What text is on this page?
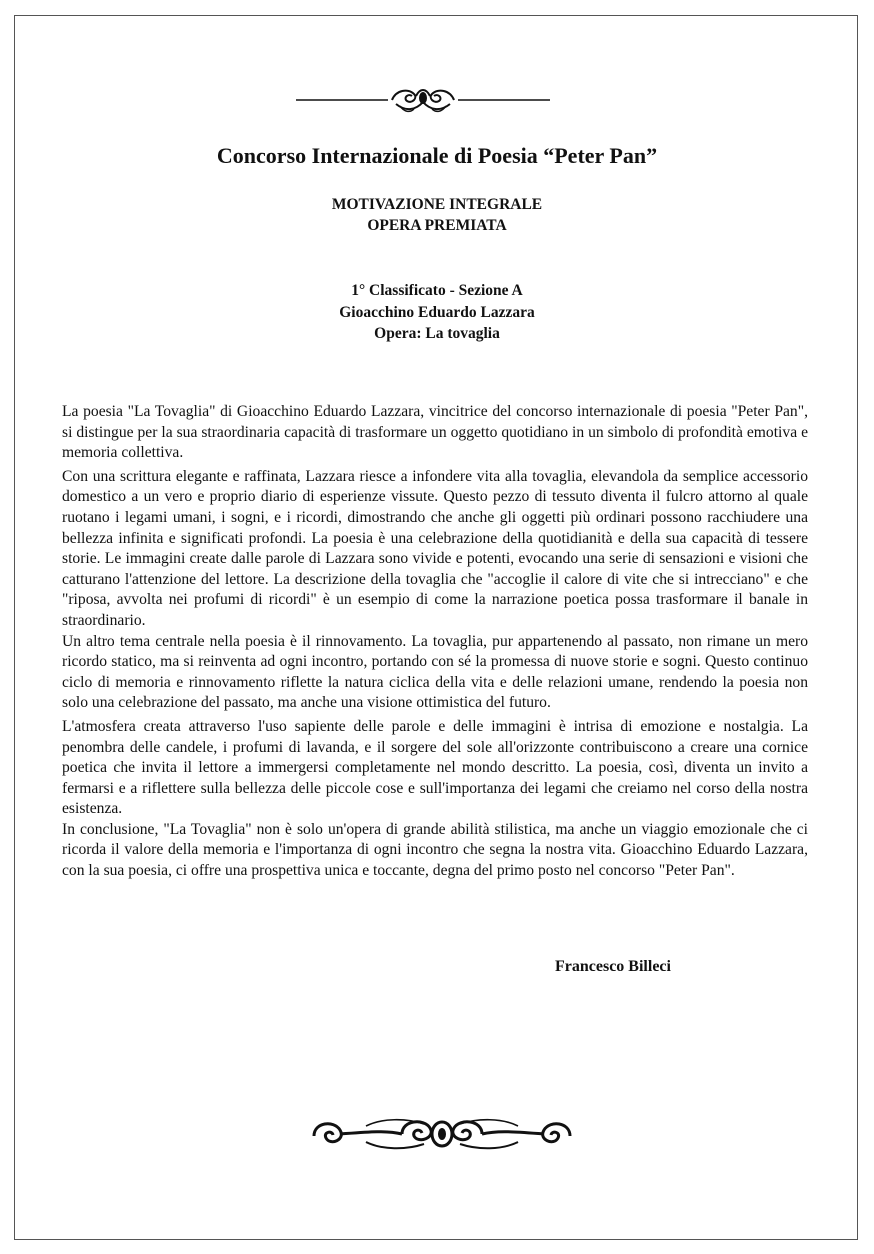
Concorso Internazionale di Poesia “Peter Pan”
MOTIVAZIONE INTEGRALE
OPERA PREMIATA
1° Classificato - Sezione A
Gioacchino Eduardo Lazzara
Opera: La tovaglia

La poesia "La Tovaglia" di Gioacchino Eduardo Lazzara, vincitrice del concorso internazionale di poesia "Peter Pan", si distingue per la sua straordinaria capacità di trasformare un oggetto quotidiano in un simbolo di profondità emotiva e memoria collettiva.

Con una scrittura elegante e raffinata, Lazzara riesce a infondere vita alla tovaglia, elevandola da semplice accessorio domestico a un vero e proprio diario di esperienze vissute. Questo pezzo di tessuto diventa il fulcro attorno al quale ruotano i legami umani, i sogni, e i ricordi, dimostrando che anche gli oggetti più ordinari possono racchiudere una bellezza infinita e significati profondi. La poesia è una celebrazione della quotidianità e della sua capacità di tessere storie. Le immagini create dalle parole di Lazzara sono vivide e potenti, evocando una serie di sensazioni e visioni che catturano l'attenzione del lettore. La descrizione della tovaglia che "accoglie il calore di vite che si intrecciano" e che "riposa, avvolta nei profumi di ricordi" è un esempio di come la narrazione poetica possa trasformare il banale in straordinario.

Un altro tema centrale nella poesia è il rinnovamento. La tovaglia, pur appartenendo al passato, non rimane un mero ricordo statico, ma si reinventa ad ogni incontro, portando con sé la promessa di nuove storie e sogni. Questo continuo ciclo di memoria e rinnovamento riflette la natura ciclica della vita e delle relazioni umane, rendendo la poesia non solo una celebrazione del passato, ma anche una visione ottimistica del futuro.

L'atmosfera creata attraverso l'uso sapiente delle parole e delle immagini è intrisa di emozione e nostalgia. La penombra delle candele, i profumi di lavanda, e il sorgere del sole all'orizzonte contribuiscono a creare una cornice poetica che invita il lettore a immergersi completamente nel mondo descritto. La poesia, così, diventa un invito a fermarsi e a riflettere sulla bellezza delle piccole cose e sull'importanza dei legami che creiamo nel corso della nostra esistenza.

In conclusione, "La Tovaglia" non è solo un'opera di grande abilità stilistica, ma anche un viaggio emozionale che ci ricorda il valore della memoria e l'importanza di ogni incontro che segna la nostra vita. Gioacchino Eduardo Lazzara, con la sua poesia, ci offre una prospettiva unica e toccante, degna del primo posto nel concorso "Peter Pan".

Francesco Billeci
